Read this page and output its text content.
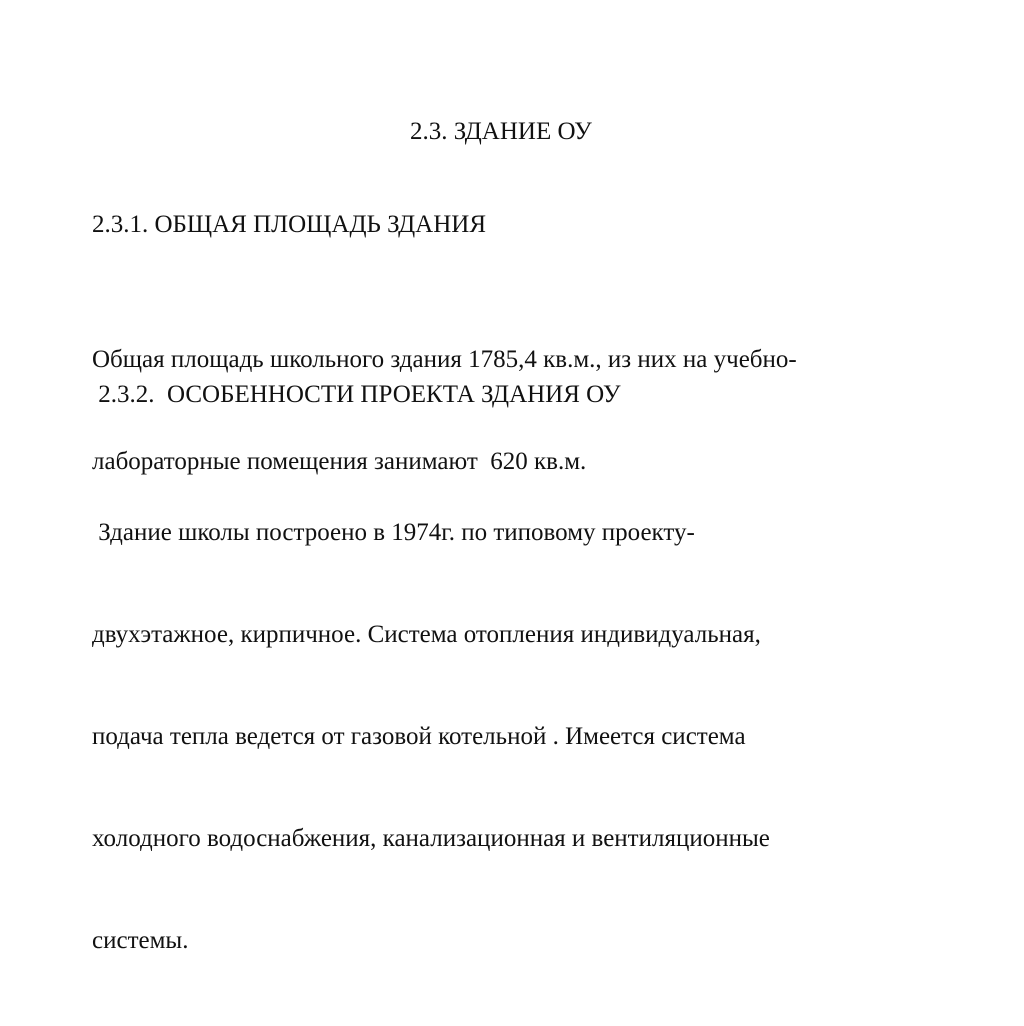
2.3. ЗДАНИЕ ОУ

2.3.1. ОБЩАЯ ПЛОЩАДЬ ЗДАНИЯ

Общая площадь школьного здания 1785,4 кв.м., из них на учебно-

лабораторные помещения занимают  620 кв.м.

2.3.2.  ОСОБЕННОСТИ ПРОЕКТА ЗДАНИЯ ОУ

Здание школы построено в 1974г. по типовому проекту-

двухэтажное, кирпичное. Система отопления индивидуальная,

подача тепла ведется от газовой котельной . Имеется система

холодного водоснабжения, канализационная и вентиляционные

системы.
